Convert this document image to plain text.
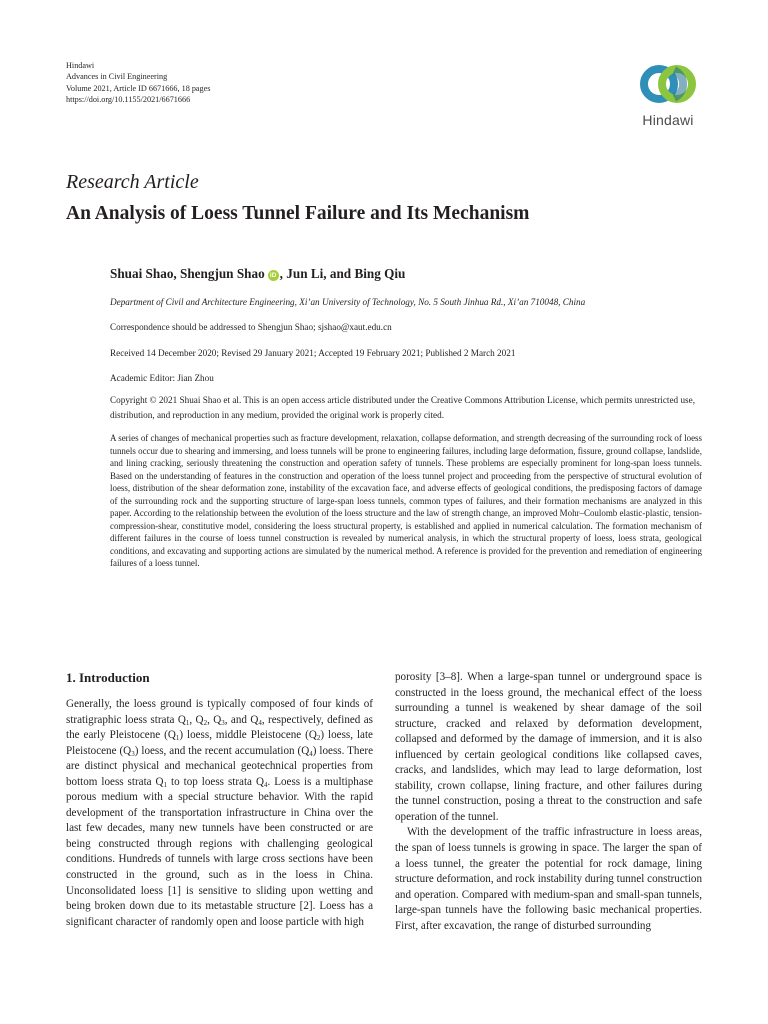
Hindawi
Advances in Civil Engineering
Volume 2021, Article ID 6671666, 18 pages
https://doi.org/10.1155/2021/6671666
Hindawi
Research Article
An Analysis of Loess Tunnel Failure and Its Mechanism
Shuai Shao, Shengjun Shao iD , Jun Li, and Bing Qiu
Department of Civil and Architecture Engineering, Xi’an University of Technology, No. 5 South Jinhua Rd., Xi’an 710048, China
Correspondence should be addressed to Shengjun Shao; sjshao@xaut.edu.cn
Received 14 December 2020; Revised 29 January 2021; Accepted 19 February 2021; Published 2 March 2021
Academic Editor: Jian Zhou
Copyright © 2021 Shuai Shao et al. This is an open access article distributed under the Creative Commons Attribution License, which permits unrestricted use, distribution, and reproduction in any medium, provided the original work is properly cited.
A series of changes of mechanical properties such as fracture development, relaxation, collapse deformation, and strength decreasing of the surrounding rock of loess tunnels occur due to shearing and immersing, and loess tunnels will be prone to engineering failures, including large deformation, fissure, ground collapse, landslide, and lining cracking, seriously threatening the construction and operation safety of tunnels. These problems are especially prominent for long-span loess tunnels. Based on the understanding of features in the construction and operation of the loess tunnel project and proceeding from the perspective of structural evolution of loess, distribution of the shear deformation zone, instability of the excavation face, and adverse effects of geological conditions, the predisposing factors of damage of the surrounding rock and the supporting structure of large-span loess tunnels, common types of failures, and their formation mechanisms are analyzed in this paper. According to the relationship between the evolution of the loess structure and the law of strength change, an improved Mohr–Coulomb elastic-plastic, tension-compression-shear, constitutive model, considering the loess structural property, is established and applied in numerical calculation. The formation mechanism of different failures in the course of loess tunnel construction is revealed by numerical analysis, in which the structural property of loess, loess strata, geological conditions, and excavating and supporting actions are simulated by the numerical method. A reference is provided for the prevention and remediation of engineering failures of a loess tunnel.
1. Introduction

Generally, the loess ground is typically composed of four kinds of stratigraphic loess strata $Q_1$, $Q_2$, $Q_3$, and $Q_4$, respectively, defined as the early Pleistocene $(Q_1)$ loess, middle Pleistocene $(Q_2)$ loess, late Pleistocene $(Q_3)$ loess, and the recent accumulation $(Q_4)$ loess. There are distinct physical and mechanical geotechnical properties from bottom loess strata $Q_1$ to top loess strata $Q_4$. Loess is a multiphase porous medium with a special structure behavior. With the rapid development of the transportation infrastructure in China over the last few decades, many new tunnels have been constructed or are being constructed through regions with challenging geological conditions. Hundreds of tunnels with large cross sections have been constructed in the ground, such as in the loess in China. Unconsolidated loess [1] is sensitive to sliding upon wetting and being broken down due to its metastable structure [2]. Loess has a significant character of randomly open and loose particle with high

porosity [3–8]. When a large-span tunnel or underground space is constructed in the loess ground, the mechanical effect of the loess surrounding a tunnel is weakened by shear damage of the soil structure, cracked and relaxed by deformation development, collapsed and deformed by the damage of immersion, and it is also influenced by certain geological conditions like collapsed caves, cracks, and landslides, which may lead to large deformation, lost stability, crown collapse, lining fracture, and other failures during the tunnel construction, posing a threat to the construction and safe operation of the tunnel.

With the development of the traffic infrastructure in loess areas, the span of loess tunnels is growing in space. The larger the span of a loess tunnel, the greater the potential for rock damage, lining structure deformation, and rock instability during tunnel construction and operation. Compared with medium-span and small-span tunnels, large-span tunnels have the following basic mechanical properties. First, after excavation, the range of disturbed surrounding
